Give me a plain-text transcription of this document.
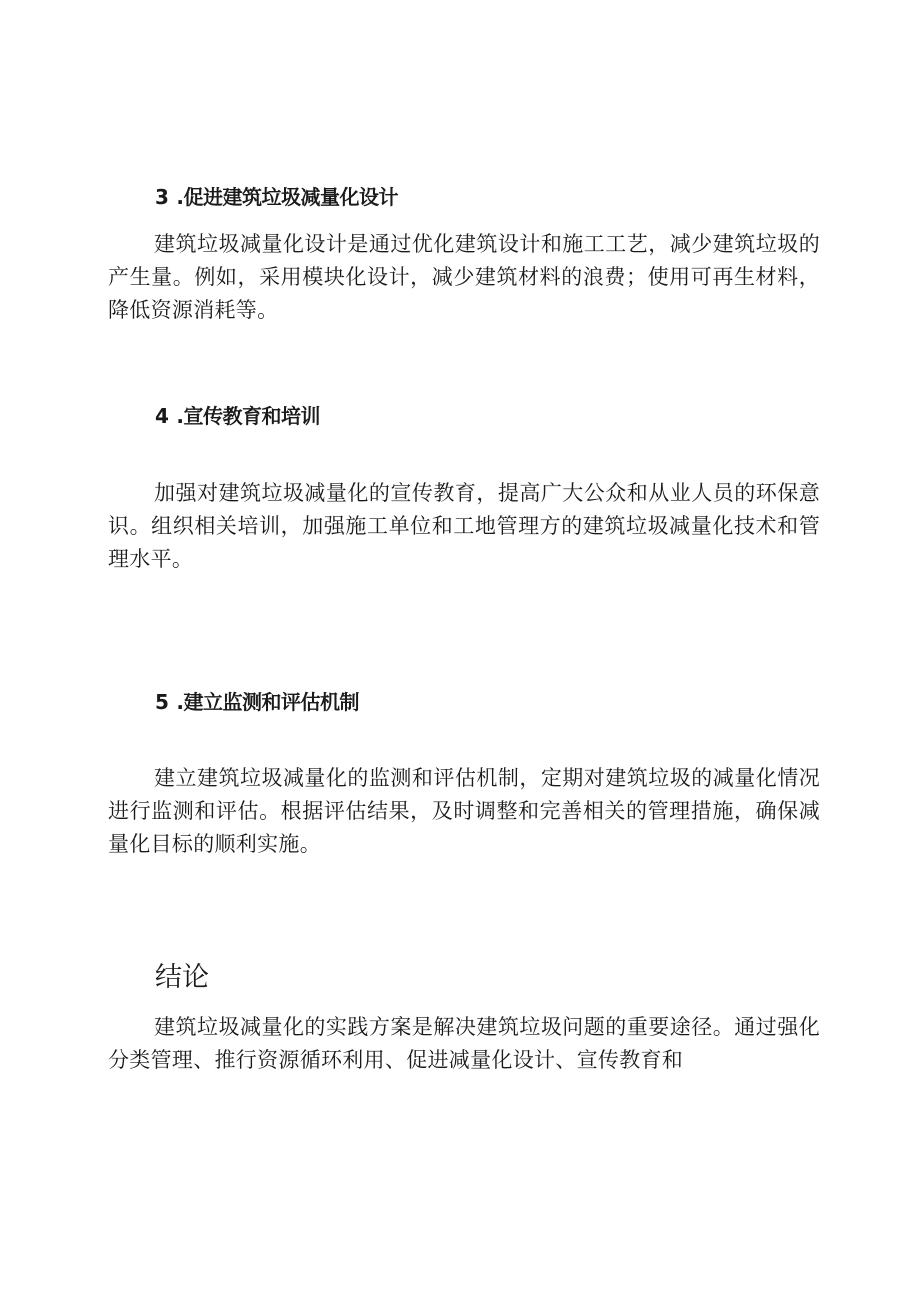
3 .促进建筑垃圾减量化设计

建筑垃圾减量化设计是通过优化建筑设计和施工工艺，减少建筑垃圾的产生量。例如，采用模块化设计，减少建筑材料的浪费；使用可再生材料，降低资源消耗等。

4 .宣传教育和培训

加强对建筑垃圾减量化的宣传教育，提高广大公众和从业人员的环保意识。组织相关培训，加强施工单位和工地管理方的建筑垃圾减量化技术和管理水平。

5 .建立监测和评估机制

建立建筑垃圾减量化的监测和评估机制，定期对建筑垃圾的减量化情况进行监测和评估。根据评估结果，及时调整和完善相关的管理措施，确保减量化目标的顺利实施。

结论

建筑垃圾减量化的实践方案是解决建筑垃圾问题的重要途径。通过强化分类管理、推行资源循环利用、促进减量化设计、宣传教育和
